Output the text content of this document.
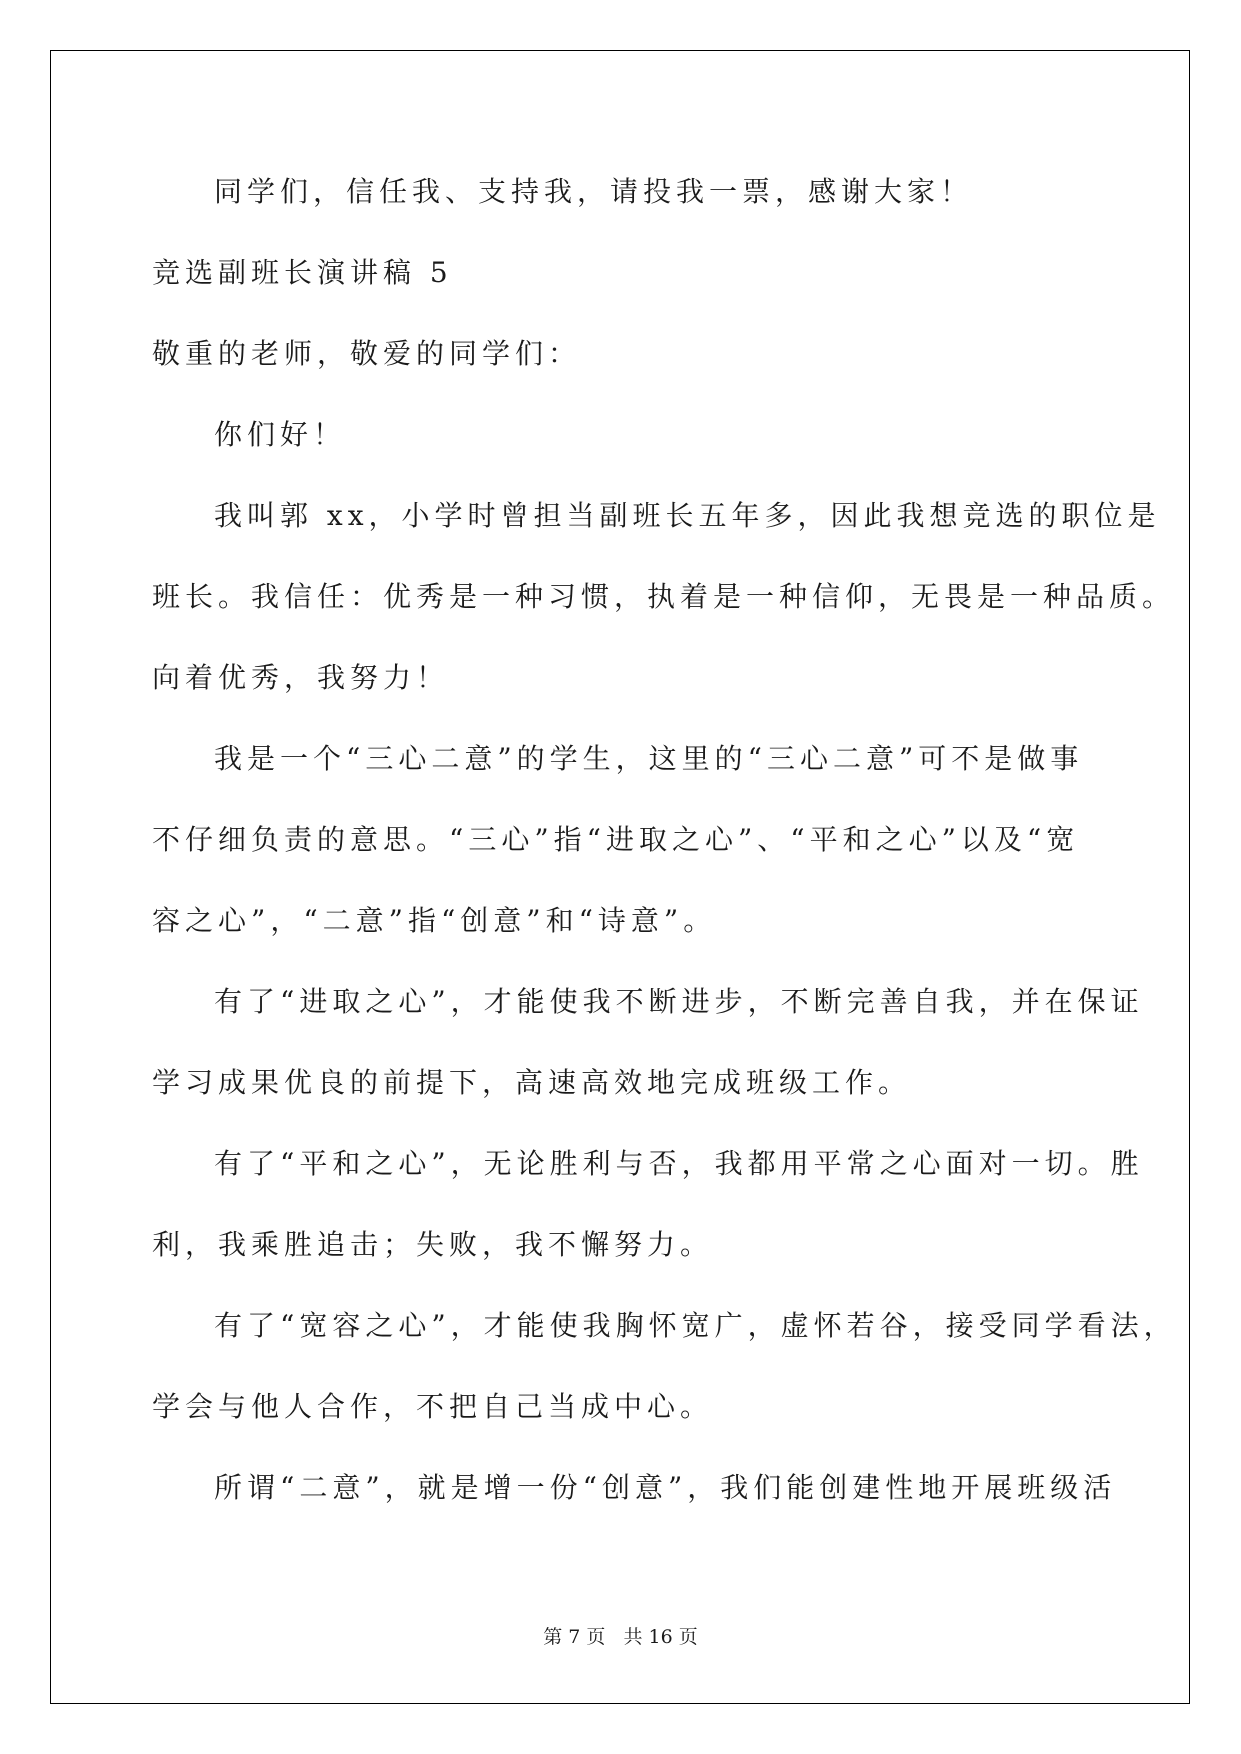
同学们，信任我、支持我，请投我一票，感谢大家！
竞选副班长演讲稿 5
敬重的老师，敬爱的同学们：
你们好！
我叫郭 xx，小学时曾担当副班长五年多，因此我想竞选的职位是
班长。我信任：优秀是一种习惯，执着是一种信仰，无畏是一种品质。
向着优秀，我努力！
我是一个“三心二意”的学生，这里的“三心二意”可不是做事
不仔细负责的意思。“三心”指“进取之心”、“平和之心”以及“宽
容之心”，“二意”指“创意”和“诗意”。
有了“进取之心”，才能使我不断进步，不断完善自我，并在保证
学习成果优良的前提下，高速高效地完成班级工作。
有了“平和之心”，无论胜利与否，我都用平常之心面对一切。胜
利，我乘胜追击；失败，我不懈努力。
有了“宽容之心”，才能使我胸怀宽广，虚怀若谷，接受同学看法，
学会与他人合作，不把自己当成中心。
所谓“二意”，就是增一份“创意”，我们能创建性地开展班级活
第 7 页   共 16 页
